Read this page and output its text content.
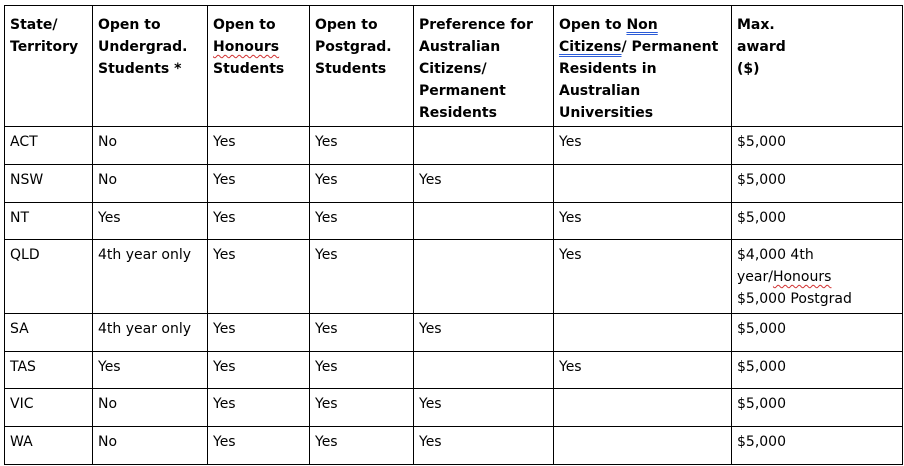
State/
Territory	Open to
Undergrad.
Students *	Open to
Honours
Students	Open to
Postgrad.
Students	Preference for
Australian
Citizens/
Permanent
Residents	Open to Non
Citizens/ Permanent
Residents in
Australian
Universities	Max.
award
($)

ACT	No	Yes	Yes		Yes	$5,000
NSW	No	Yes	Yes	Yes		$5,000
NT	Yes	Yes	Yes		Yes	$5,000
QLD	4th year only	Yes	Yes		Yes	$4,000 4th
year/Honours
$5,000 Postgrad

SA	4th year only	Yes	Yes	Yes		$5,000
TAS	Yes	Yes	Yes		Yes	$5,000
VIC	No	Yes	Yes	Yes		$5,000
WA	No	Yes	Yes	Yes		$5,000
